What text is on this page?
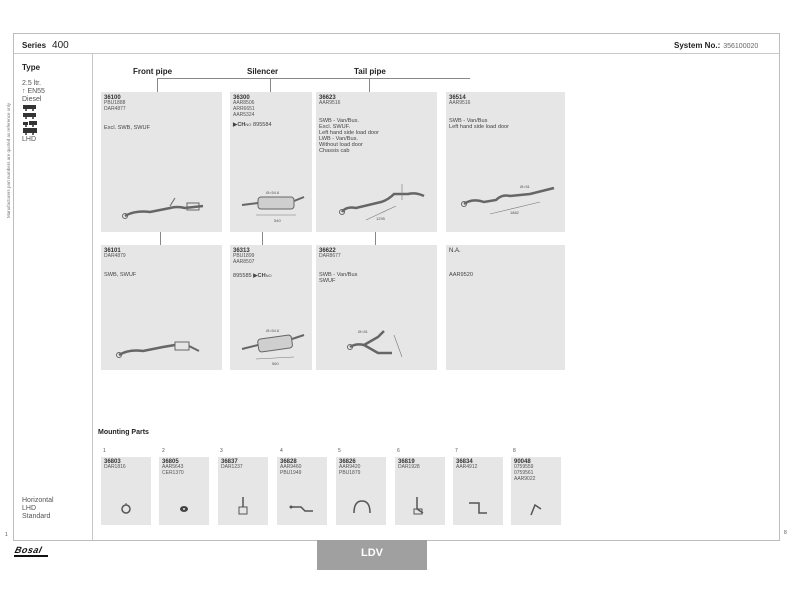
Series 400	System No.: 356100020
Manufacturers part numbers are quoted as reference only
Type
2.5 ltr.
↑ EN55
Diesel
LHD
Horizontal
LHD
Standard
Front pipe	Silencer	Tail pipe
36100
PBU1888
DAR4877
Excl. SWB, SWUF
36300
AAR8506
ARR6651
AAR5324
▶CHNO 895584
540
Ø=54.6
36623
AAR9516
SWB - Van/Bus.
Excl. SWUF.
Left hand side load door
LWB - Van/Bus.
Without load door
Chassis cab
1295
36514
AAR9516
SWB - Van/Bus
Left hand side load door
1882
Ø=51
36101
DAR4879
SWB, SWUF
36313
PBU1899
AAR8507
895585 ▶CHNO
560
Ø=54.6
36622
DAR8677
SWB - Van/Bus
SWUF
Ø=51
N.A.
AAR9520
Mounting Parts
1
36803
DAR1816
2
36805
AAR5643
CER1370
3
36837
DAR1237
4
36828
AAR9460
PBU1949
5
36826
AAR9420
PBU1879
6
36819
DAR1928
7
36834
AAR4912
8
90048
0759559
0759561
AAR9022
Bosal	LDV
1	8
